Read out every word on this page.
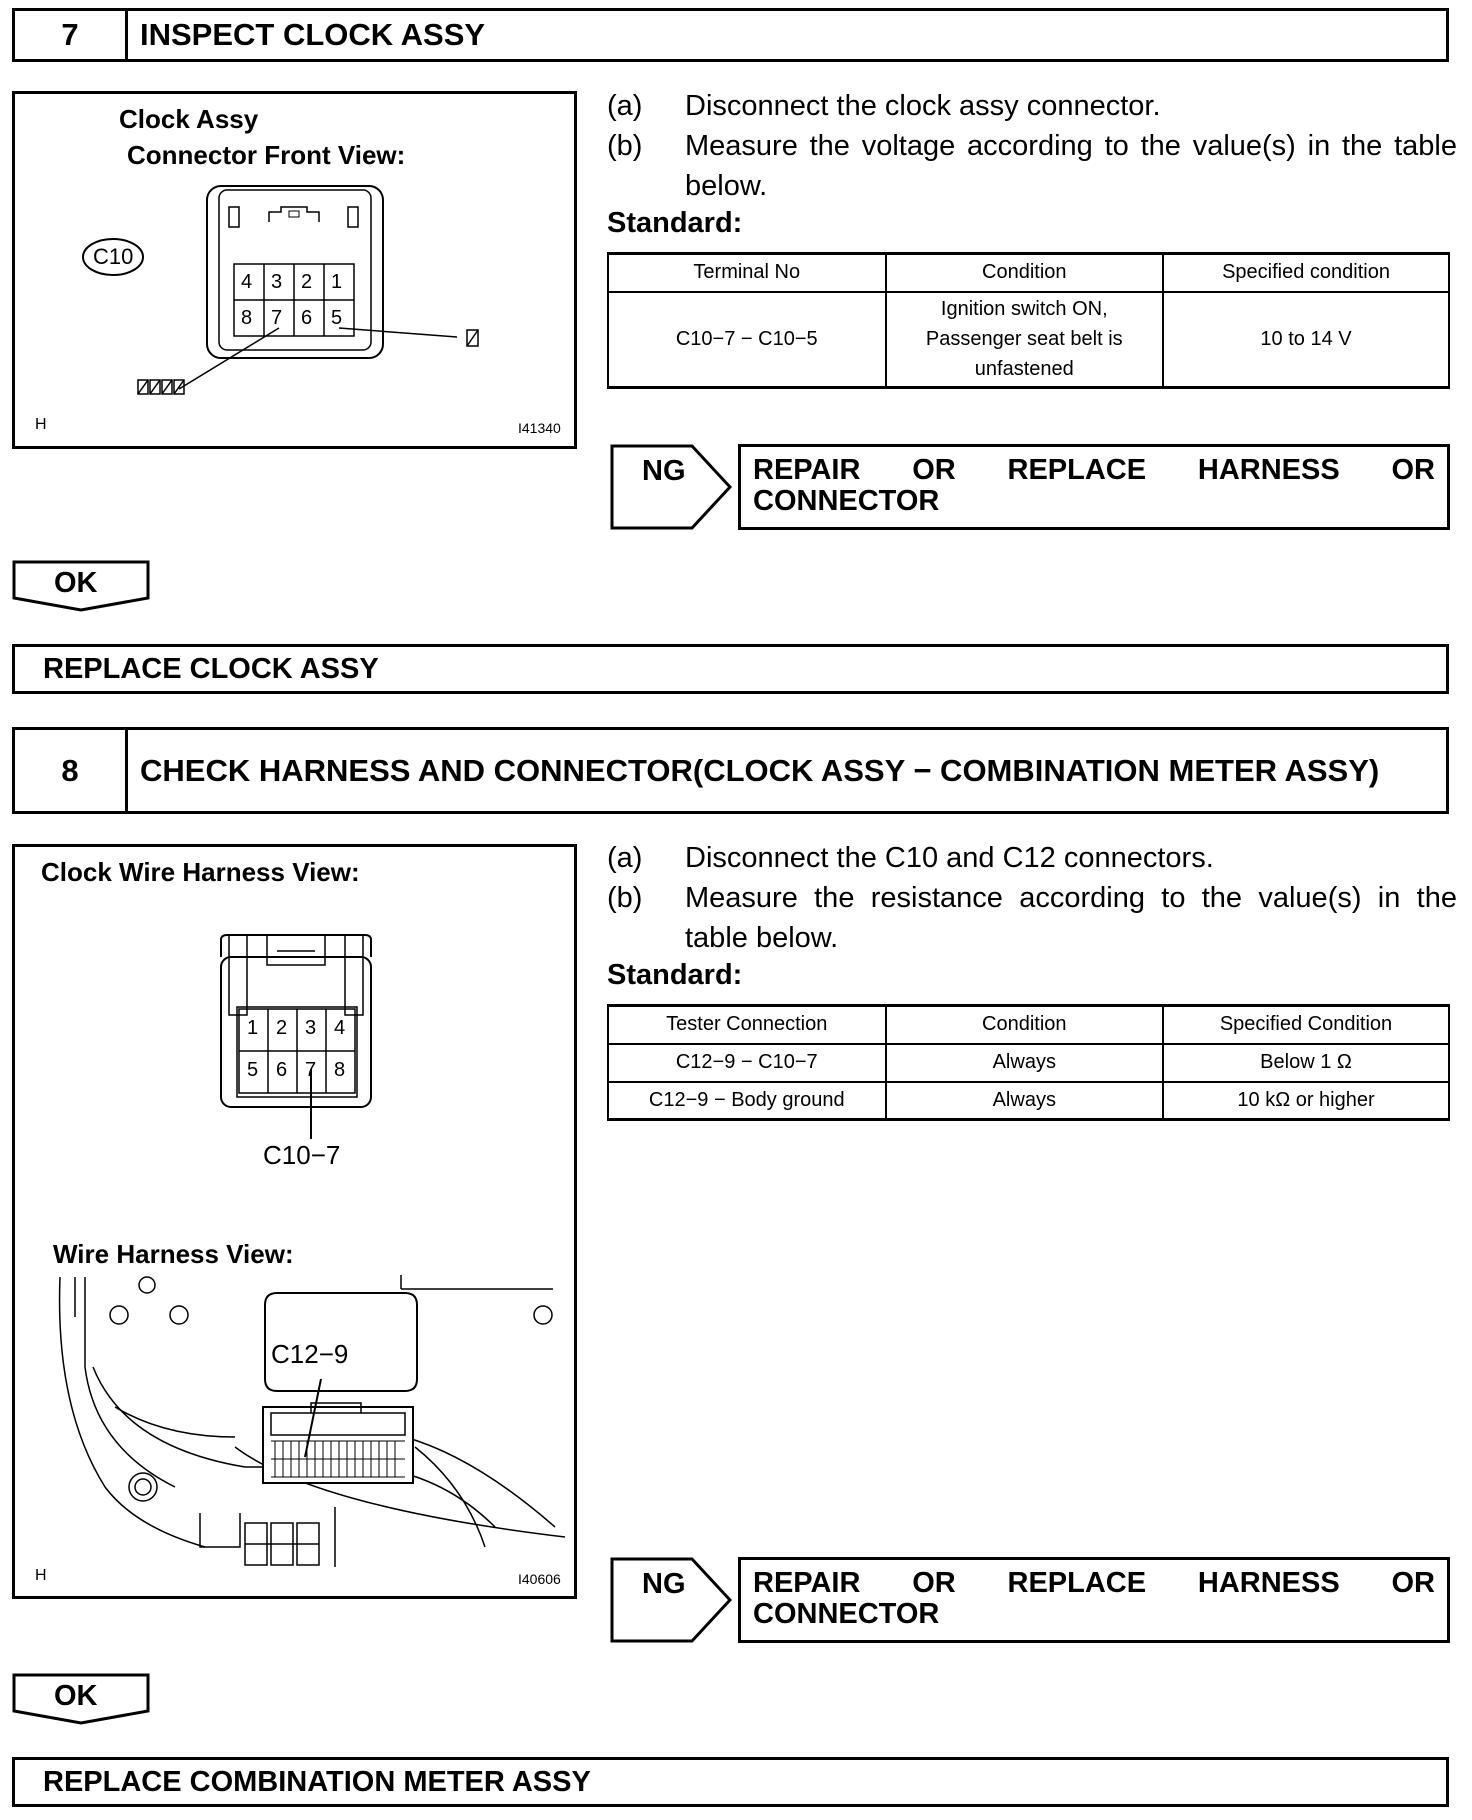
7	INSPECT CLOCK ASSY
Clock Assy
Connector Front View:
C10
4 3 2 1
8 7 6 5
H	I41340
(a)	Disconnect the clock assy connector.
(b)	Measure the voltage according to the value(s) in the table below.
Standard:
Terminal No	Condition	Specified condition
C10−7 − C10−5	Ignition switch ON, Passenger seat belt is unfastened	10 to 14 V
NG REPAIR OR REPLACE HARNESS OR
CONNECTOR
OK
REPLACE CLOCK ASSY
8	CHECK HARNESS AND CONNECTOR(CLOCK ASSY − COMBINATION METER ASSY)
Clock Wire Harness View:
1 2 3 4
5 6 7 8
C10−7
Wire Harness View:
C12−9
H	I40606
(a)	Disconnect the C10 and C12 connectors.
(b)	Measure the resistance according to the value(s) in the table below.
Standard:
Tester Connection	Condition	Specified Condition
C12−9 − C10−7	Always	Below 1 Ω
C12−9 − Body ground	Always	10 kΩ or higher
NG REPAIR OR REPLACE HARNESS OR
CONNECTOR
OK
REPLACE COMBINATION METER ASSY
